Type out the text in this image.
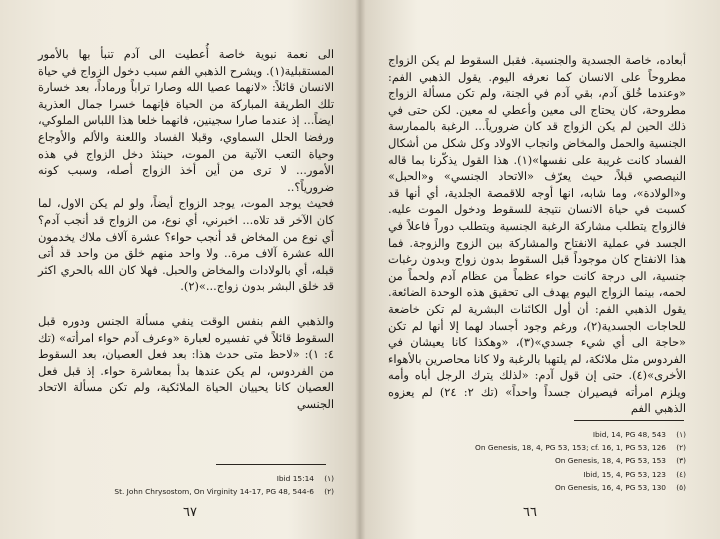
الى نعمة نبوية خاصة أُعطيت الى آدم تنبأ بها بالأمور المستقبلية(١). ويشرح الذهبي الفم سبب دخول الزواج في حياة الانسان قائلاً: «لانهما عصيا الله وصارا تراباً ورماداً، بعد خسارة تلك الطريقة المباركة من الحياة فإنهما خسرا جمال العذرية ايضاً... إذ عندما صارا سجينين، فانهما خلعا هذا اللباس الملوكي، ورفضا الحلل السماوي، وقبلا الفساد واللعنة والألم والأوجاع وحياة التعب الآتية من الموت، حينئذ دخل الزواج في هذه الأمور... لا ترى من أين أخذ الزواج أصله، وسبب كونه ضرورياً؟..

فحيث يوجد الموت، يوجد الزواج أيضاً، ولو لم يكن الاول، لما كان الآخر قد تلاه... اخبرني، أي نوع، من الزواج قد أنجب آدم؟ أي نوع من المخاض قد أنجب حواء؟ عشرة آلاف ملاك يخدمون الله عشرة آلاف مرة.. ولا واحد منهم خلق من واحد قد أتى قبله، أي بالولادات والمخاض والحبل. فهلا كان الله بالحري اكثر قد خلق البشر بدون زواج...»(٢).

والذهبي الفم بنفس الوقت ينفي مسألة الجنس ودوره قبل السقوط قائلاً في تفسيره لعبارة «وعرف آدم حواء امرأته» (تك ٤: ١): «لاحظ متى حدث هذا: بعد فعل العصيان، بعد السقوط من الفردوس، لم يكن عندها بدأ بمعاشرة حواء. إذ قبل فعل العصيان كانا يحييان الحياة الملائكية، ولم تكن مسألة الاتحاد الجنسي

Ibid 15:14	(١)
St. John Chrysostom, On Virginity 14-17, PG 48, 544-6	(٢)
٦٧

أبعاده، خاصة الجسدية والجنسية. فقبل السقوط لم يكن الزواج مطروحاً على الانسان كما نعرفه اليوم. يقول الذهبي الفم: «وعندما خُلق آدم، بقي آدم في الجنة، ولم تكن مسألة الزواج مطروحة، كان يحتاج الى معين وأعطي له معين. لكن حتى في ذلك الحين لم يكن الزواج قد كان ضرورياً... الرغبة بالممارسة الجنسية والحمل والمخاض وانجاب الاولاد وكل شكل من أشكال الفساد كانت غريبة على نفسها»(١). هذا القول يذكّرنا بما قاله النيصصي قبلاً، حيث يعرّف «الاتحاد الجنسي» و«الحبل» و«الولادة»، وما شابه، انها أوجه للاقمصة الجلدية، أي أنها قد كسبت في حياة الانسان نتيجة للسقوط ودخول الموت عليه. فالزواج يتطلب مشاركة الرغبة الجنسية ويتطلب دوراً فاعلاً في الجسد في عملية الانفتاح والمشاركة بين الزوج والزوجة. فما هذا الانفتاح كان موجوداً قبل السقوط بدون زواج وبدون رغبات جنسية، الى درجة كانت حواء عظماً من عظام آدم ولحماً من لحمه، بينما الزواج اليوم يهدف الى تحقيق هذه الوحدة الضائعة. يقول الذهبي الفم: أن أول الكائنات البشرية لم تكن خاضعة للحاجات الجسدية(٢)، ورغم وجود أجساد لهما إلا أنها لم تكن «حاجة الى أي شيء جسدي»(٣)، «وهكذا كانا يعيشان في الفردوس مثل ملائكة، لم يلتهبا بالرغبة ولا كانا محاصرين بالأهواء الأخرى»(٤). حتى إن قول آدم: «لذلك يترك الرجل أباه وأمه ويلزم امرأته فيصيران جسداً واحداً» (تك ٢: ٢٤) لم يعزوه الذهبي الفم

Ibid, 14, PG 48, 543	(١)
On Genesis, 18, 4, PG 53, 153; cf. 16, 1, PG 53, 126	(٢)
On Genesis, 18, 4, PG 53, 153	(٣)
Ibid, 15, 4, PG 53, 123	(٤)
On Genesis, 16, 4, PG 53, 130	(٥)
٦٦
